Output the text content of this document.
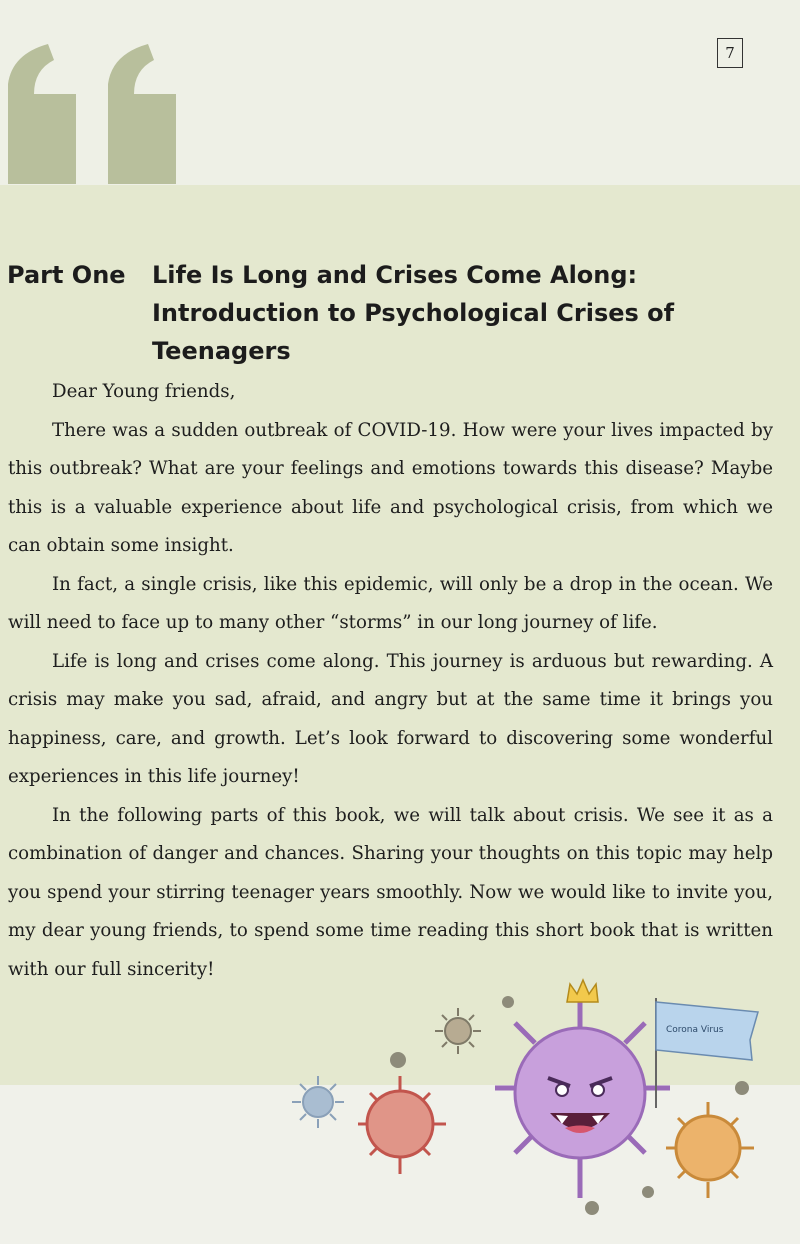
7
Part One Life Is Long and Crises Come Along: Introduction to Psychological Crises of Teenagers

Dear Young friends,

There was a sudden outbreak of COVID-19. How were your lives impacted by this outbreak? What are your feelings and emotions towards this disease? Maybe this is a valuable experience about life and psychological crisis, from which we can obtain some insight.

In fact, a single crisis, like this epidemic, will only be a drop in the ocean. We will need to face up to many other “storms” in our long journey of life.

Life is long and crises come along. This journey is arduous but rewarding. A crisis may make you sad, afraid, and angry but at the same time it brings you happiness, care, and growth. Let’s look forward to discovering some wonderful experiences in this life journey!

In the following parts of this book, we will talk about crisis. We see it as a combination of danger and chances. Sharing your thoughts on this topic may help you spend your stirring teenager years smoothly. Now we would like to invite you, my dear young friends, to spend some time reading this short book that is written with our full sincerity!

Corona Virus
